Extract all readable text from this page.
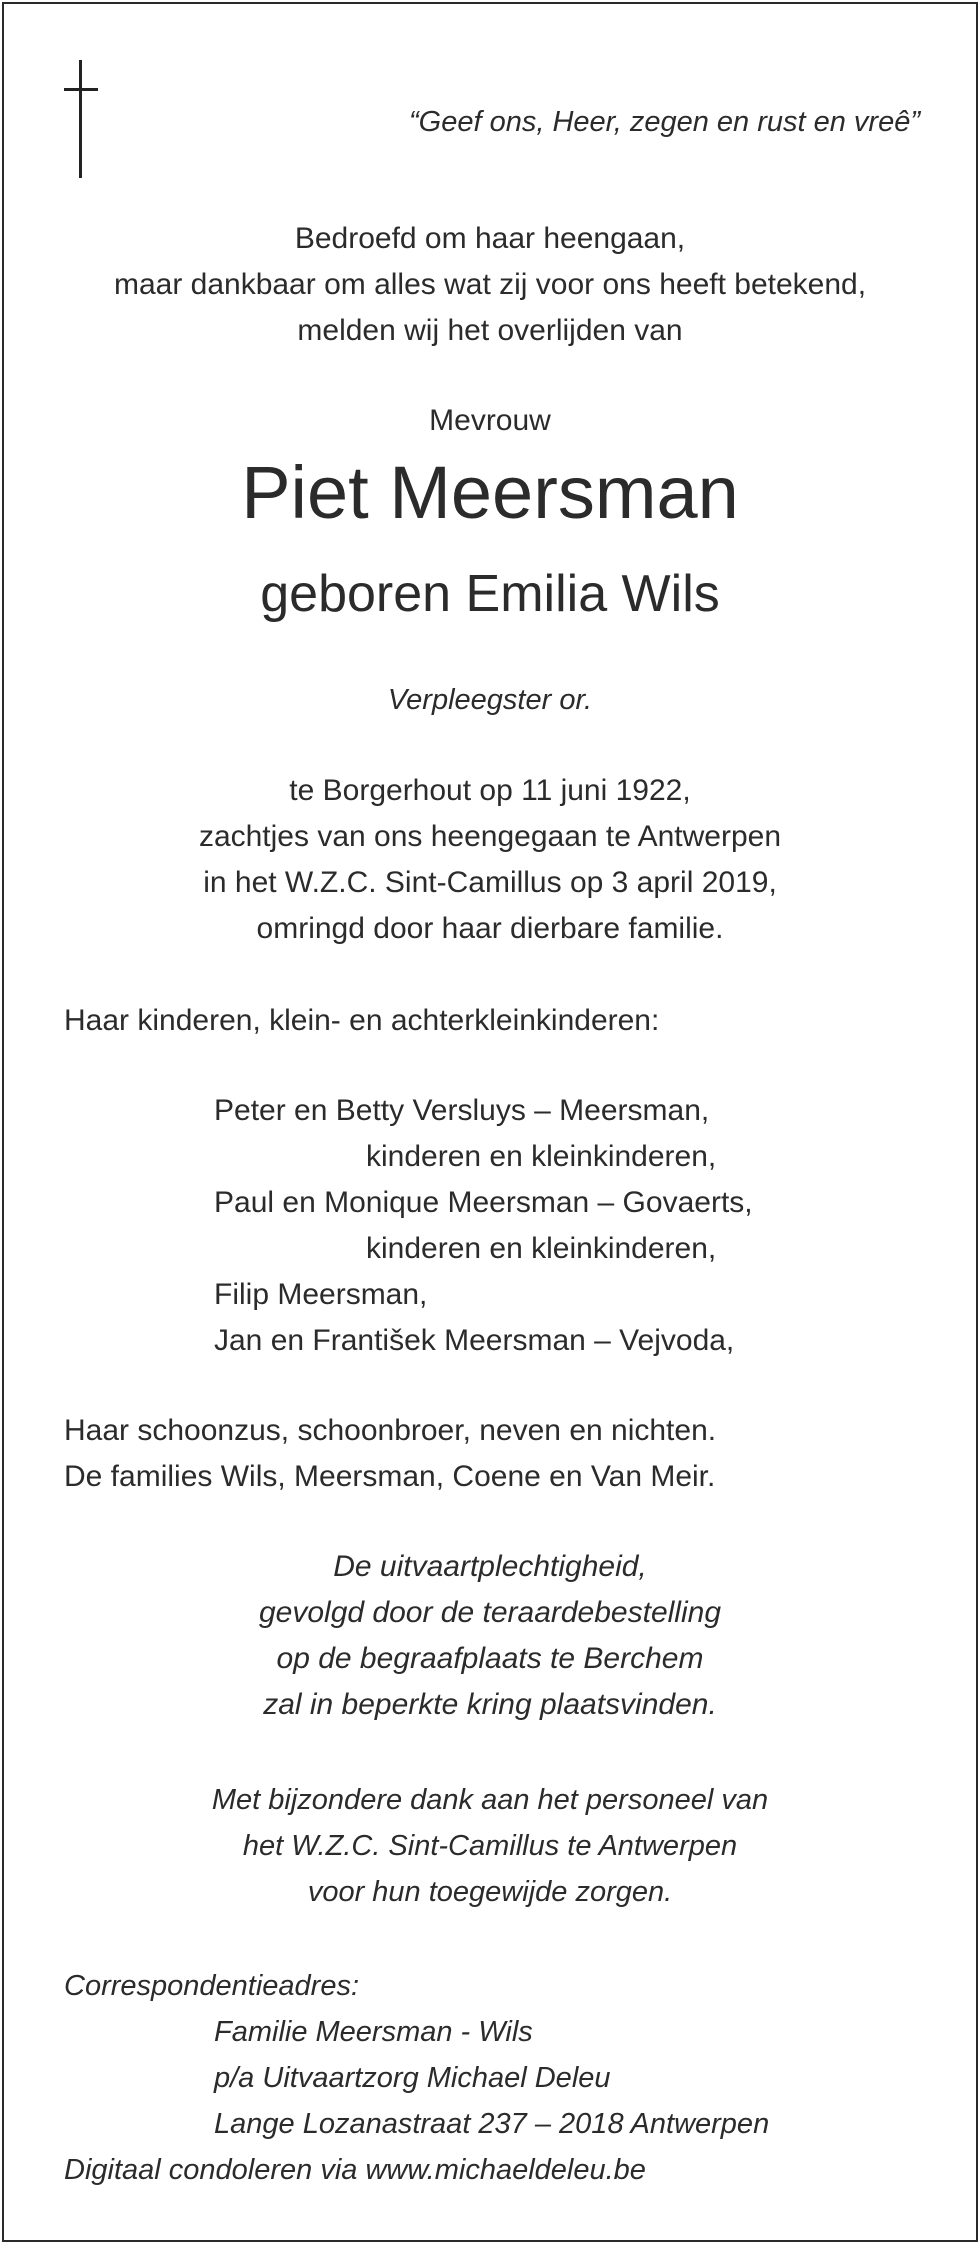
“Geef ons, Heer, zegen en rust en vreê”
Bedroefd om haar heengaan,
maar dankbaar om alles wat zij voor ons heeft betekend,
melden wij het overlijden van
Mevrouw
Piet Meersman
geboren Emilia Wils
Verpleegster or.
te Borgerhout op 11 juni 1922,
zachtjes van ons heengegaan te Antwerpen
in het W.Z.C. Sint-Camillus op 3 april 2019,
omringd door haar dierbare familie.
Haar kinderen, klein- en achterkleinkinderen:
Peter en Betty Versluys – Meersman,
kinderen en kleinkinderen,
Paul en Monique Meersman – Govaerts,
kinderen en kleinkinderen,
Filip Meersman,
Jan en František Meersman – Vejvoda,
Haar schoonzus, schoonbroer, neven en nichten.
De families Wils, Meersman, Coene en Van Meir.
De uitvaartplechtigheid,
gevolgd door de teraardebestelling
op de begraafplaats te Berchem
zal in beperkte kring plaatsvinden.
Met bijzondere dank aan het personeel van
het W.Z.C. Sint-Camillus te Antwerpen
voor hun toegewijde zorgen.
Correspondentieadres:
Familie Meersman - Wils
p/a Uitvaartzorg Michael Deleu
Lange Lozanastraat 237 – 2018 Antwerpen
Digitaal condoleren via www.michaeldeleu.be
